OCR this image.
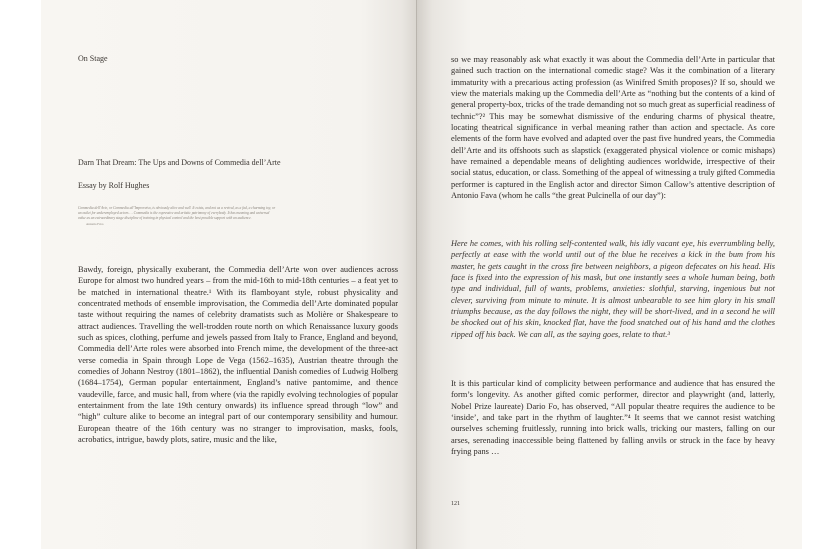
On Stage
Darn That Dream: The Ups and Downs of Commedia dell’Arte
Essay by Rolf Hughes
Commedia dell’Arte, or Commedia all’Improvviso, is obviously alive and well. It exists, and not as a revival, as a fad, a charming toy, or an outlet for underemployed actors … Commedia is the expressive and artistic patrimony of everybody. It has meaning and universal value as an extraordinary stage discipline of training in physical control and the best possible support with an audience.
Antonio Fava

Bawdy, foreign, physically exuberant, the Commedia dell’Arte won over audiences across Europe for almost two hundred years – from the mid-16th to mid-18th centuries – a feat yet to be matched in international theatre.¹ With its flamboyant style, robust physicality and concentrated methods of ensemble improvisation, the Commedia dell’Arte dominated popular taste without requiring the names of celebrity dramatists such as Molière or Shakespeare to attract audiences. Travelling the well-trodden route north on which Renaissance luxury goods such as spices, clothing, perfume and jewels passed from Italy to France, England and beyond, Commedia dell’Arte roles were absorbed into French mime, the development of the three-act verse comedia in Spain through Lope de Vega (1562–1635), Austrian theatre through the comedies of Johann Nestroy (1801–1862), the influential Danish comedies of Ludwig Holberg (1684–1754), German popular entertainment, England’s native pantomime, and thence vaudeville, farce, and music hall, from where (via the rapidly evolving technologies of popular entertainment from the late 19th century onwards) its influence spread through “low” and “high” culture alike to become an integral part of our contemporary sensibility and humour. European theatre of the 16th century was no stranger to improvisation, masks, fools, acrobatics, intrigue, bawdy plots, satire, music and the like,

so we may reasonably ask what exactly it was about the Commedia dell’Arte in particular that gained such traction on the international comedic stage? Was it the combination of a literary immaturity with a precarious acting profession (as Winifred Smith proposes)? If so, should we view the materials making up the Commedia dell’Arte as “nothing but the contents of a kind of general property-box, tricks of the trade demanding not so much great as superficial readiness of technic”?² This may be somewhat dismissive of the enduring charms of physical theatre, locating theatrical significance in verbal meaning rather than action and spectacle. As core elements of the form have evolved and adapted over the past five hundred years, the Commedia dell’Arte and its offshoots such as slapstick (exaggerated physical violence or comic mishaps) have remained a dependable means of delighting audiences worldwide, irrespective of their social status, education, or class. Something of the appeal of witnessing a truly gifted Commedia performer is captured in the English actor and director Simon Callow’s attentive description of Antonio Fava (whom he calls “the great Pulcinella of our day”):

Here he comes, with his rolling self-contented walk, his idly vacant eye, his everrumbling belly, perfectly at ease with the world until out of the blue he receives a kick in the bum from his master, he gets caught in the cross fire between neighbors, a pigeon defecates on his head. His face is fixed into the expression of his mask, but one instantly sees a whole human being, both type and individual, full of wants, problems, anxieties: slothful, starving, ingenious but not clever, surviving from minute to minute. It is almost unbearable to see him glory in his small triumphs because, as the day follows the night, they will be short-lived, and in a second he will be shocked out of his skin, knocked flat, have the food snatched out of his hand and the clothes ripped off his back. We can all, as the saying goes, relate to that.³

It is this particular kind of complicity between performance and audience that has ensured the form’s longevity. As another gifted comic performer, director and playwright (and, latterly, Nobel Prize laureate) Dario Fo, has observed, “All popular theatre requires the audience to be ‘inside’, and take part in the rhythm of laughter.”⁴ It seems that we cannot resist watching ourselves scheming fruitlessly, running into brick walls, tricking our masters, falling on our arses, serenading inaccessible being flattened by falling anvils or struck in the face by heavy frying pans …

121
